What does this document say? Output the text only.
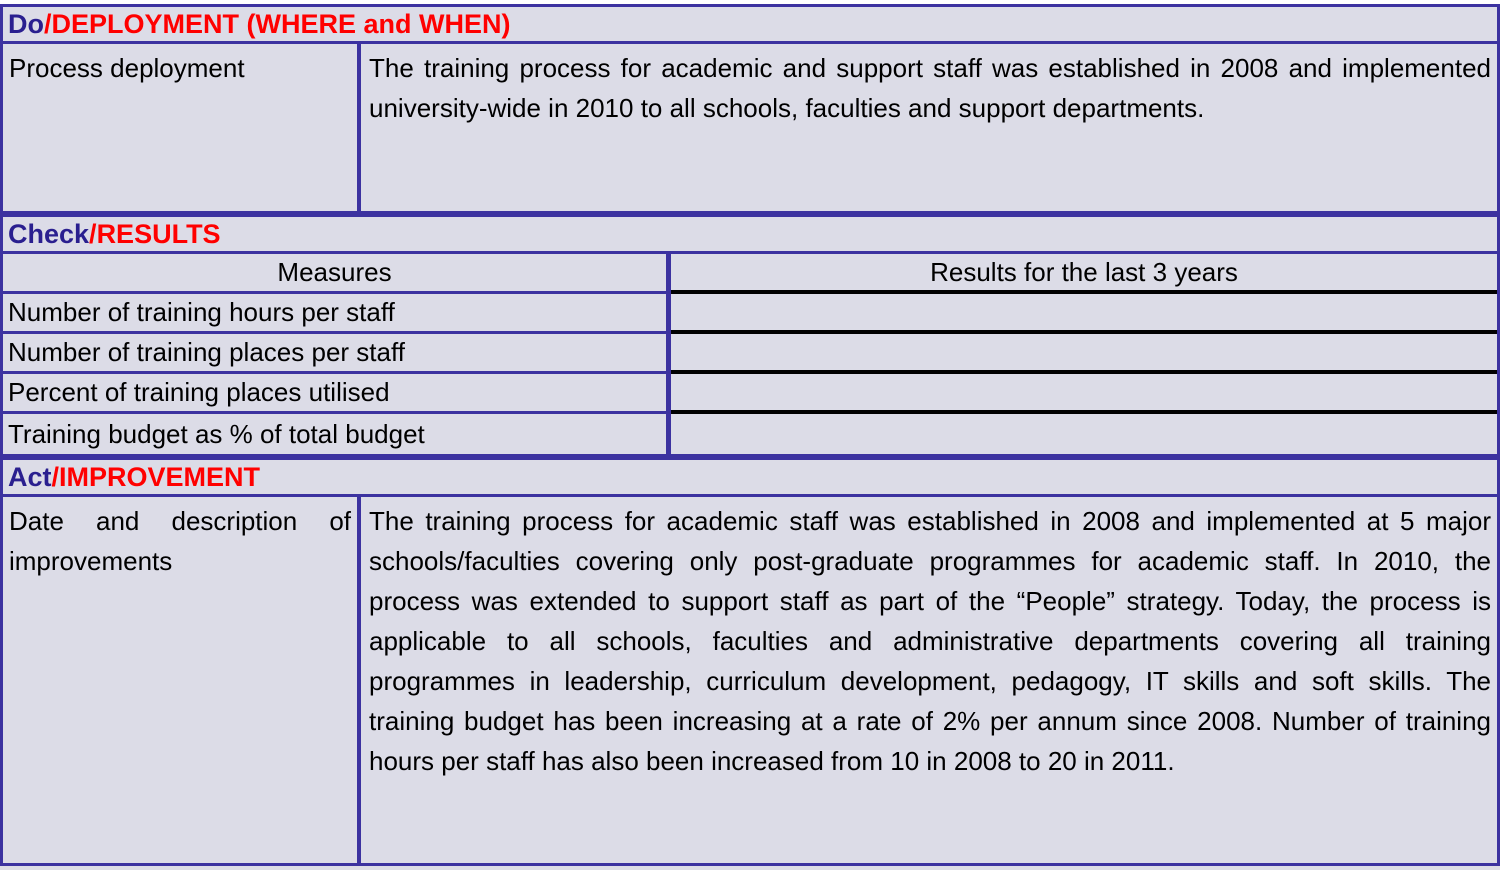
Do/DEPLOYMENT (WHERE and WHEN)
Process deployment	The training process for academic and support staff was established in 2008 and implemented university-wide in 2010 to all schools, faculties and support departments.
Check/RESULTS
Measures	Results for the last 3 years
Number of training hours per staff
Number of training places per staff
Percent of training places utilised
Training budget as % of total budget
Act/IMPROVEMENT
Date and description of improvements
The training process for academic staff was established in 2008 and implemented at 5 major schools/faculties covering only post-graduate programmes for academic staff. In 2010, the process was extended to support staff as part of the “People” strategy. Today, the process is applicable to all schools, faculties and administrative departments covering all training programmes in leadership, curriculum development, pedagogy, IT skills and soft skills. The training budget has been increasing at a rate of 2% per annum since 2008. Number of training hours per staff has also been increased from 10 in 2008 to 20 in 2011.
